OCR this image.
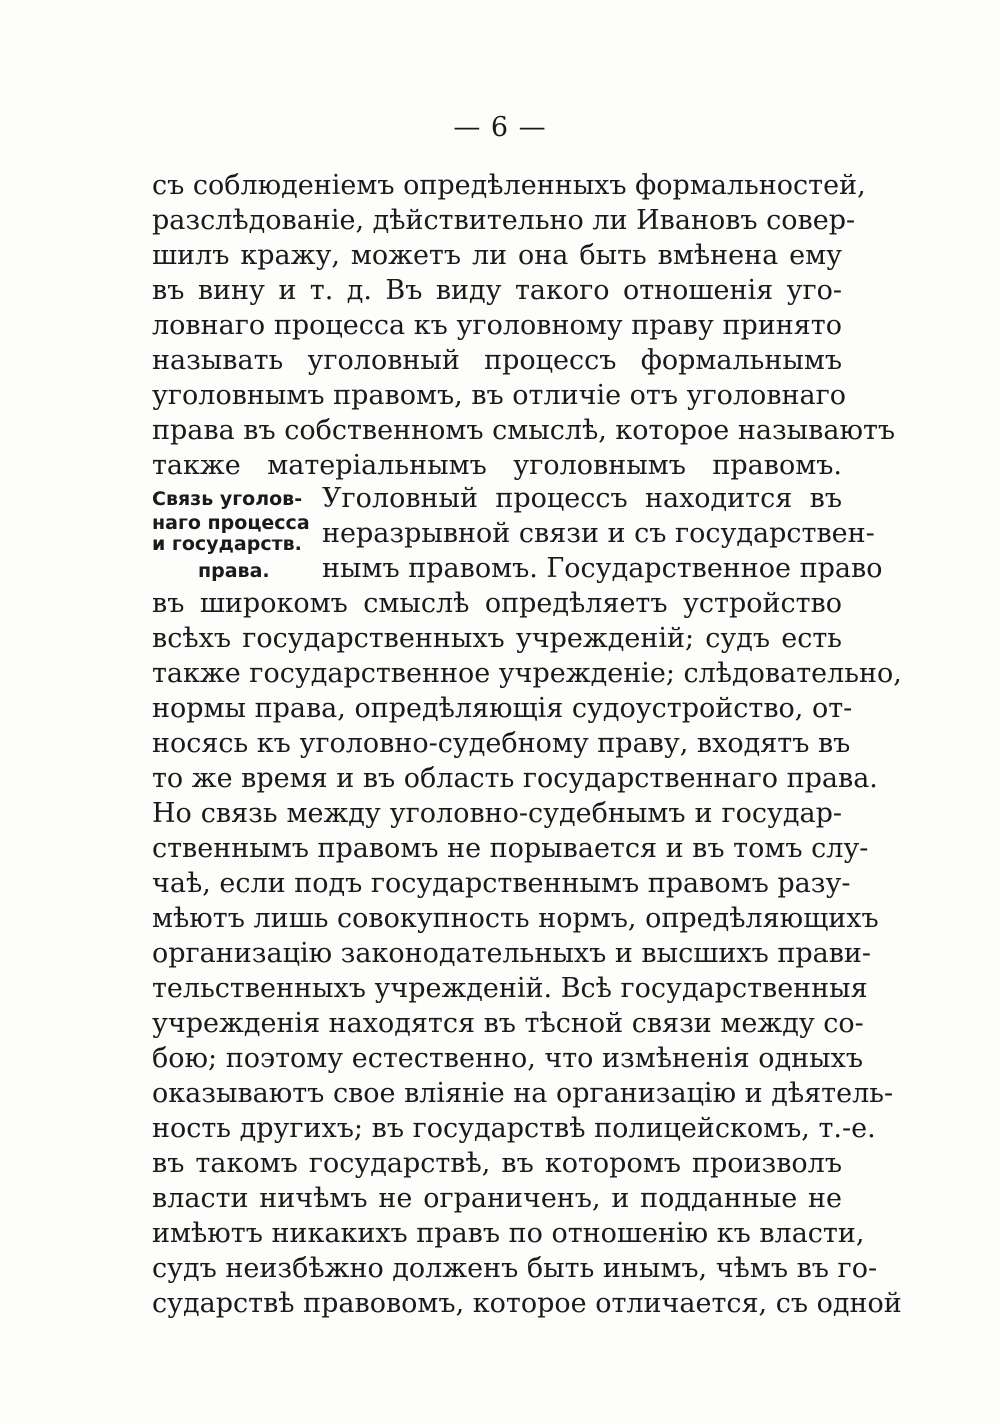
— 6 —
Связь уголов-
наго процесса
и государств.
права.
съ соблюденіемъ опредѣленныхъ формальностей,
разслѣдованіе, дѣйствительно ли Ивановъ совер-
шилъ кражу, можетъ ли она быть вмѣнена ему
въ вину и т. д. Въ виду такого отношенія уго-
ловнаго процесса къ уголовному праву принято
называть уголовный процессъ формальнымъ
уголовнымъ правомъ, въ отличіе отъ уголовнаго
права въ собственномъ смыслѣ, которое называютъ
также матеріальнымъ уголовнымъ правомъ.
Уголовный процессъ находится въ
неразрывной связи и съ государствен-
нымъ правомъ. Государственное право
въ широкомъ смыслѣ опредѣляетъ устройство
всѣхъ государственныхъ учрежденій; судъ есть
также государственное учрежденіе; слѣдовательно,
нормы права, опредѣляющія судоустройство, от-
носясь къ уголовно-судебному праву, входятъ въ
то же время и въ область государственнаго права.
Но связь между уголовно-судебнымъ и государ-
ственнымъ правомъ не порывается и въ томъ слу-
чаѣ, если подъ государственнымъ правомъ разу-
мѣютъ лишь совокупность нормъ, опредѣляющихъ
организацію законодательныхъ и высшихъ прави-
тельственныхъ учрежденій. Всѣ государственныя
учрежденія находятся въ тѣсной связи между со-
бою; поэтому естественно, что измѣненія одныхъ
оказываютъ свое вліяніе на организацію и дѣятель-
ность другихъ; въ государствѣ полицейскомъ, т.-е.
въ такомъ государствѣ, въ которомъ произволъ
власти ничѣмъ не ограниченъ, и подданные не
имѣютъ никакихъ правъ по отношенію къ власти,
судъ неизбѣжно долженъ быть инымъ, чѣмъ въ го-
сударствѣ правовомъ, которое отличается, съ одной
